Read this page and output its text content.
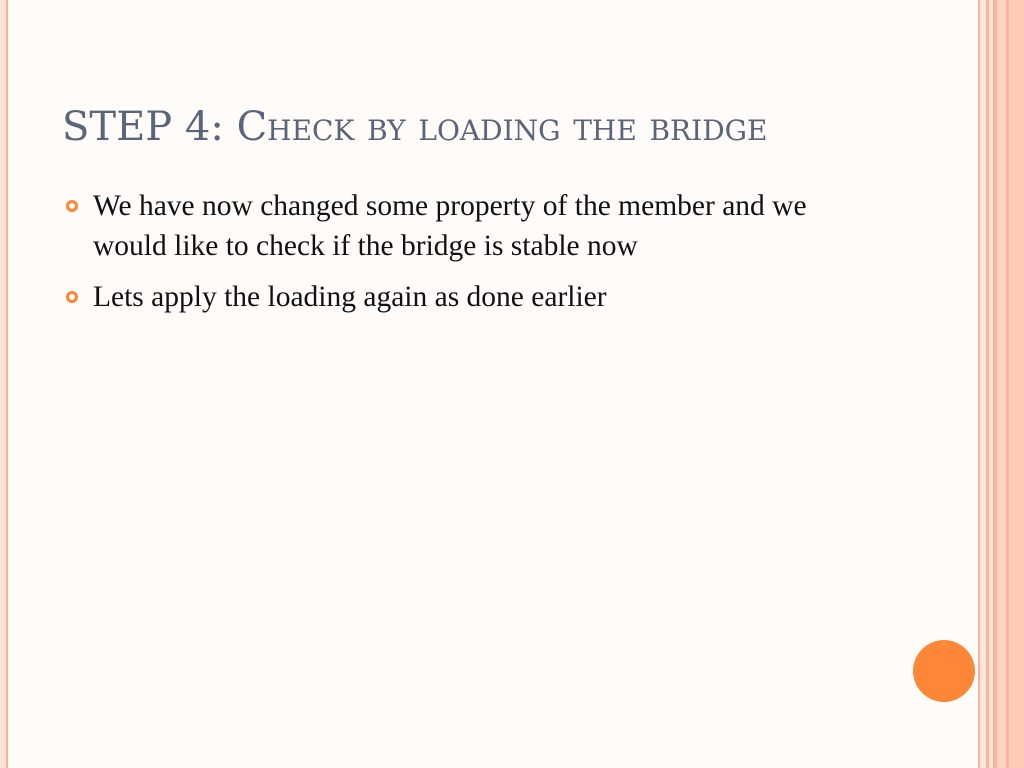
STEP 4: Check by loading the bridge
We have now changed some property of the member and we would like to check if the bridge is stable now
Lets apply the loading again as done earlier
